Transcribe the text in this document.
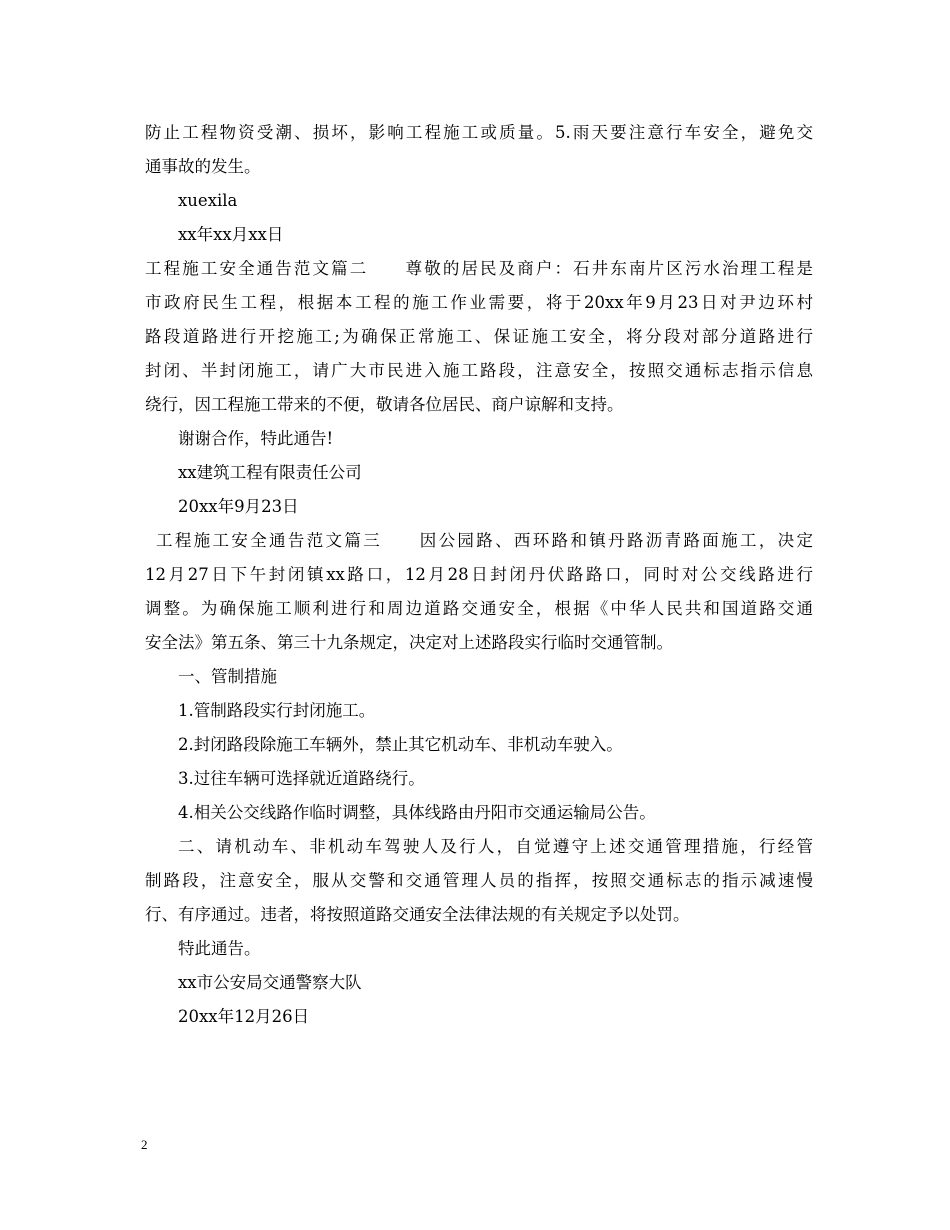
防止工程物资受潮、损坏，影响工程施工或质量。5.雨天要注意行车安全，避免交
通事故的发生。
xuexila
xx年xx月xx日
工程施工安全通告范文篇二　　尊敬的居民及商户：石井东南片区污水治理工程是
市政府民生工程，根据本工程的施工作业需要，将于20xx年9月23日对尹边环村
路段道路进行开挖施工;为确保正常施工、保证施工安全，将分段对部分道路进行
封闭、半封闭施工，请广大市民进入施工路段，注意安全，按照交通标志指示信息
绕行，因工程施工带来的不便，敬请各位居民、商户谅解和支持。
谢谢合作，特此通告!
xx建筑工程有限责任公司
20xx年9月23日
工程施工安全通告范文篇三　　因公园路、西环路和镇丹路沥青路面施工，决定
12月27日下午封闭镇xx路口，12月28日封闭丹伏路路口，同时对公交线路进行
调整。为确保施工顺利进行和周边道路交通安全，根据《中华人民共和国道路交通
安全法》第五条、第三十九条规定，决定对上述路段实行临时交通管制。
一、管制措施
1.管制路段实行封闭施工。
2.封闭路段除施工车辆外，禁止其它机动车、非机动车驶入。
3.过往车辆可选择就近道路绕行。
4.相关公交线路作临时调整，具体线路由丹阳市交通运输局公告。
二、请机动车、非机动车驾驶人及行人，自觉遵守上述交通管理措施，行经管
制路段，注意安全，服从交警和交通管理人员的指挥，按照交通标志的指示减速慢
行、有序通过。违者，将按照道路交通安全法律法规的有关规定予以处罚。
特此通告。
xx市公安局交通警察大队
20xx年12月26日
2
